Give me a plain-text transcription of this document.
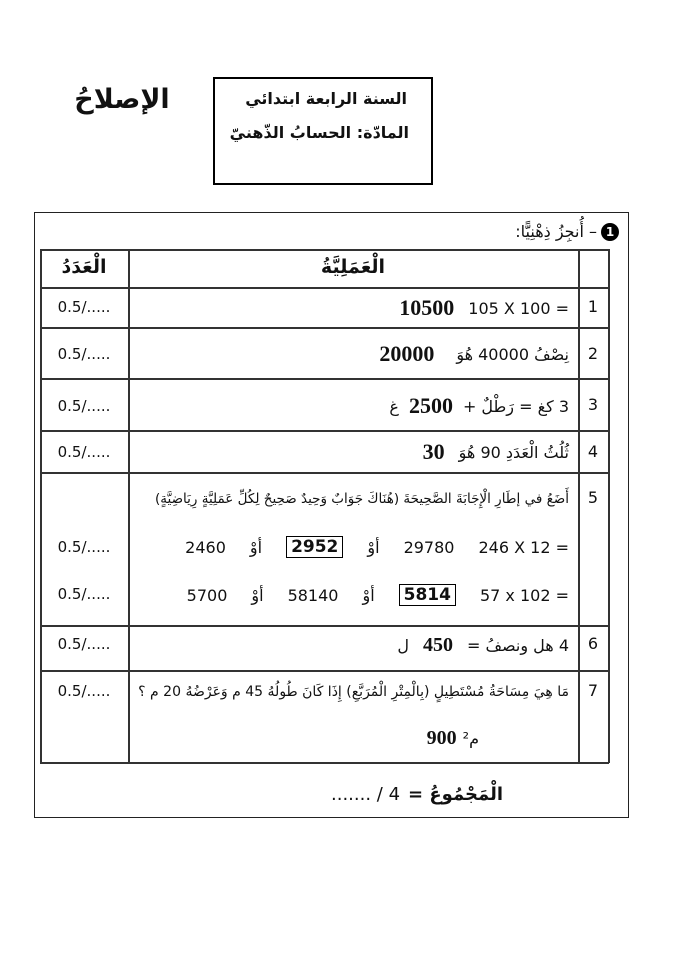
الإصلاحُ	السنة الرابعة ابتدائي
المادّة: الحسابُ الذّهنيّ
1
– أُنجِزُ ذِهْنِيًّا:
الْعَمَلِيَّةُ
الْعَدَدُ
1
105 X 100 =
10500
0.5/.....
2
نِصْفُ 40000 هُوَ
20000
0.5/.....
3
3 كغ = رَطْلٌ +
2500
غ
0.5/.....
4
ثُلُثُ الْعَدَدِ 90 هُوَ
30
0.5/.....
5
أَضَعُ في إطَارِ الْإِجَابَةَ الصَّحِيحَةَ (هُنَاكَ جَوَابٌ وَحِيدٌ صَحِيحٌ لِكُلِّ عَمَلِيَّةٍ رِيَاضِيَّةٍ)
246 X 12 =
29780
أوْ
2952
أوْ
2460
0.5/.....
57 x 102 =
5814
أوْ
58140
أوْ
5700
0.5/.....
6
4 هل ونصفُ =
450
ل
0.5/.....
7
مَا هِيَ مِسَاحَةُ مُسْتَطِيلٍ (بِالْمِتْرِ الْمُرَبَّعِ) إِذَا كَانَ طُولُهُ 45 م وَعَرْضُهُ 20 م ؟
م²
900
0.5/.....
الْمَجْمُوعُ =
....... / 4
